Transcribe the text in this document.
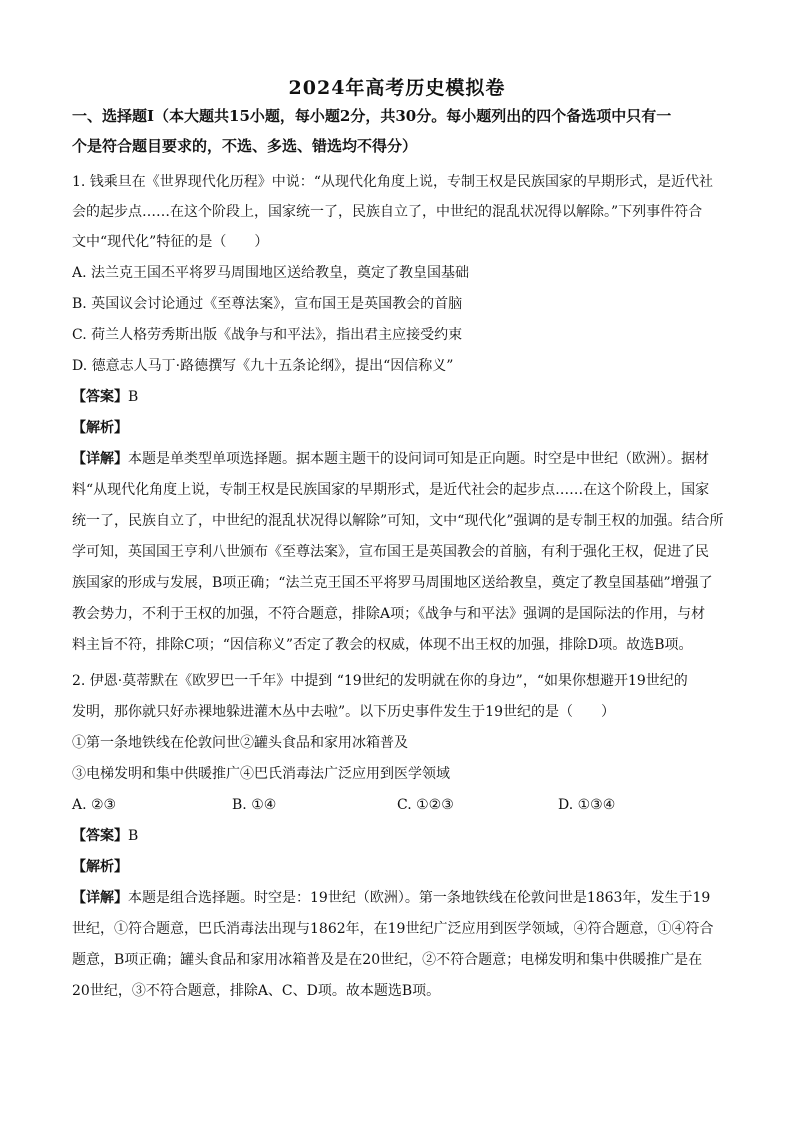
2024年高考历史模拟卷
一、选择题Ⅰ（本大题共15小题，每小题2分，共30分。每小题列出的四个备选项中只有一
个是符合题目要求的，不选、多选、错选均不得分）
1. 钱乘旦在《世界现代化历程》中说：“从现代化角度上说，专制王权是民族国家的早期形式，是近代社
会的起步点……在这个阶段上，国家统一了，民族自立了，中世纪的混乱状况得以解除。”下列事件符合
文中“现代化”特征的是（　　）
A. 法兰克王国丕平将罗马周围地区送给教皇，奠定了教皇国基础
B. 英国议会讨论通过《至尊法案》，宣布国王是英国教会的首脑
C. 荷兰人格劳秀斯出版《战争与和平法》，指出君主应接受约束
D. 德意志人马丁·路德撰写《九十五条论纲》，提出“因信称义”
【答案】B
【解析】
【详解】本题是单类型单项选择题。据本题主题干的设问词可知是正向题。时空是中世纪（欧洲）。据材
料“从现代化角度上说，专制王权是民族国家的早期形式，是近代社会的起步点……在这个阶段上，国家
统一了，民族自立了，中世纪的混乱状况得以解除”可知，文中“现代化”强调的是专制王权的加强。结合所
学可知，英国国王亨利八世颁布《至尊法案》，宣布国王是英国教会的首脑，有利于强化王权，促进了民
族国家的形成与发展，B项正确；“法兰克王国丕平将罗马周围地区送给教皇，奠定了教皇国基础”增强了
教会势力，不利于王权的加强，不符合题意，排除A项；《战争与和平法》强调的是国际法的作用，与材
料主旨不符，排除C项；“因信称义”否定了教会的权威，体现不出王权的加强，排除D项。故选B项。
2. 伊恩·莫蒂默在《欧罗巴一千年》中提到 “19世纪的发明就在你的身边”，“如果你想避开19世纪的
发明，那你就只好赤裸地躲进灌木丛中去啦”。以下历史事件发生于19世纪的是（　　）
①第一条地铁线在伦敦问世②罐头食品和家用冰箱普及
③电梯发明和集中供暖推广④巴氏消毒法广泛应用到医学领域
A. ②③	B. ①④	C. ①②③	D. ①③④
【答案】B
【解析】
【详解】本题是组合选择题。时空是：19世纪（欧洲）。第一条地铁线在伦敦问世是1863年，发生于19
世纪，①符合题意，巴氏消毒法出现与1862年，在19世纪广泛应用到医学领域，④符合题意，①④符合
题意，B项正确；罐头食品和家用冰箱普及是在20世纪，②不符合题意；电梯发明和集中供暖推广是在
20世纪，③不符合题意，排除A、C、D项。故本题选B项。
